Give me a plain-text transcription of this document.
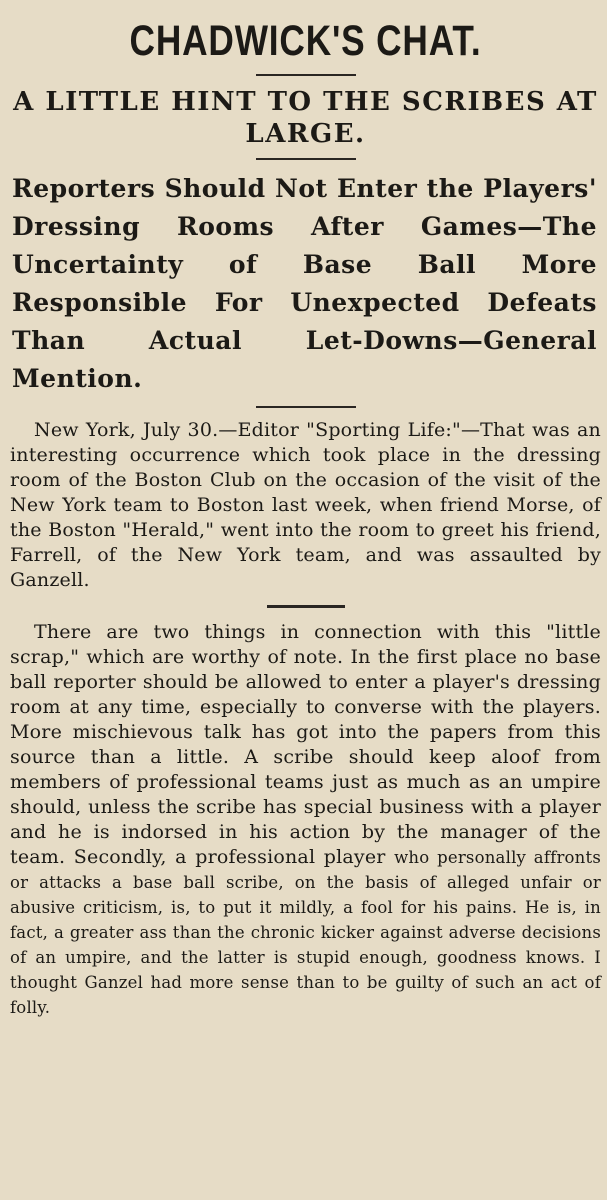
CHADWICK'S CHAT.
A LITTLE HINT TO THE SCRIBES AT LARGE.
Reporters Should Not Enter the Players' Dressing Rooms After Games—The Uncertainty of Base Ball More Responsible For Unexpected Defeats Than Actual Let-Downs—General Mention.

New York, July 30.—Editor "Sporting Life:"—That was an interesting occurrence which took place in the dressing room of the Boston Club on the occasion of the visit of the New York team to Boston last week, when friend Morse, of the Boston "Herald," went into the room to greet his friend, Farrell, of the New York team, and was assaulted by Ganzell.

There are two things in connection with this "little scrap," which are worthy of note. In the first place no base ball reporter should be allowed to enter a player's dressing room at any time, especially to converse with the players. More mischievous talk has got into the papers from this source than a little. A scribe should keep aloof from members of professional teams just as much as an umpire should, unless the scribe has special business with a player and he is indorsed in his action by the manager of the team. Secondly, a professional player who personally affronts or attacks a base ball scribe, on the basis of alleged unfair or abusive criticism, is, to put it mildly, a fool for his pains. He is, in fact, a greater ass than the chronic kicker against adverse decisions of an umpire, and the latter is stupid enough, goodness knows. I thought Ganzel had more sense than to be guilty of such an act of folly.
